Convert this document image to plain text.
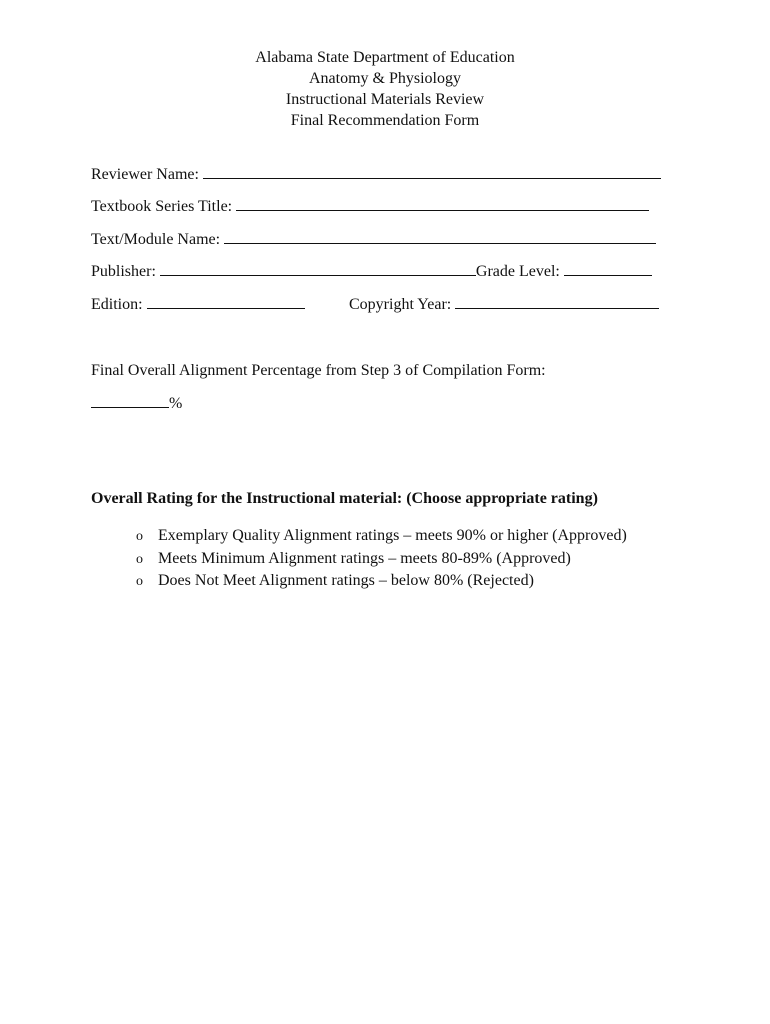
Alabama State Department of Education
Anatomy & Physiology
Instructional Materials Review
Final Recommendation Form
Reviewer Name:
Textbook Series Title:
Text/Module Name:
Publisher:	Grade Level:
Edition:	Copyright Year:
Final Overall Alignment Percentage from Step 3 of Compilation Form:
%
Overall Rating for the Instructional material: (Choose appropriate rating)
o Exemplary Quality Alignment ratings – meets 90% or higher (Approved)
o Meets Minimum Alignment ratings – meets 80-89% (Approved)
o Does Not Meet Alignment ratings – below 80% (Rejected)
